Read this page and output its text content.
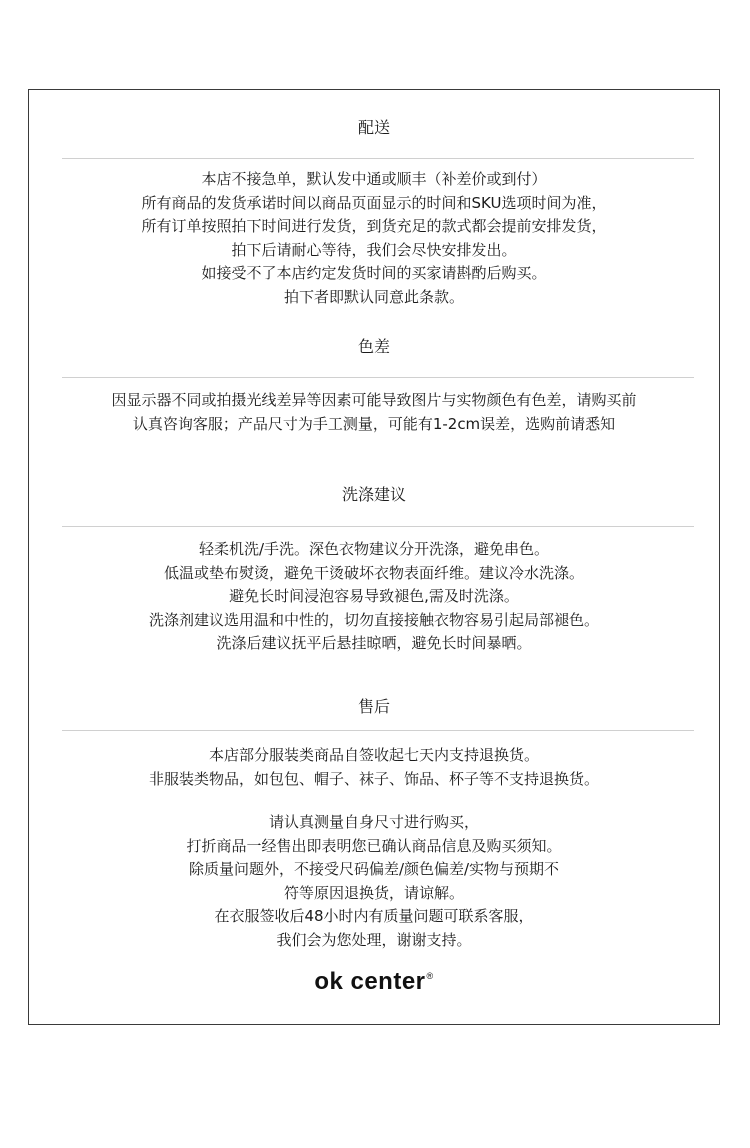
配送
本店不接急单，默认发中通或顺丰（补差价或到付）
所有商品的发货承诺时间以商品页面显示的时间和SKU选项时间为准，
所有订单按照拍下时间进行发货，到货充足的款式都会提前安排发货，
拍下后请耐心等待，我们会尽快安排发出。
如接受不了本店约定发货时间的买家请斟酌后购买。
拍下者即默认同意此条款。
色差
因显示器不同或拍摄光线差异等因素可能导致图片与实物颜色有色差，请购买前
认真咨询客服；产品尺寸为手工测量，可能有1-2cm误差，选购前请悉知
洗涤建议
轻柔机洗/手洗。深色衣物建议分开洗涤，避免串色。
低温或垫布熨烫，避免干烫破坏衣物表面纤维。建议冷水洗涤。
避免长时间浸泡容易导致褪色,需及时洗涤。
洗涤剂建议选用温和中性的，切勿直接接触衣物容易引起局部褪色。
洗涤后建议抚平后悬挂晾晒，避免长时间暴晒。
售后
本店部分服装类商品自签收起七天内支持退换货。
非服装类物品，如包包、帽子、袜子、饰品、杯子等不支持退换货。
请认真测量自身尺寸进行购买，
打折商品一经售出即表明您已确认商品信息及购买须知。
除质量问题外，不接受尺码偏差/颜色偏差/实物与预期不
符等原因退换货，请谅解。
在衣服签收后48小时内有质量问题可联系客服，
我们会为您处理，谢谢支持。
ok center®
